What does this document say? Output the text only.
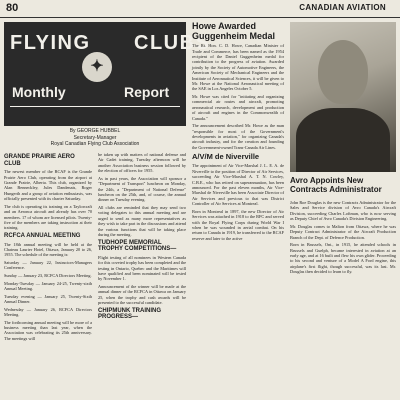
80	CANADIAN AVIATION
FLYING CLUBS
✦
Monthly	Report
By GEORGE HUBBEL
Secretary-Manager
Royal Canadian Flying Club Association
GRANDE PRAIRIE AERO CLUB

The newest member of the RCAF is the Grande Prairie Aero Club, operating from the airport at Grande Prairie, Alberta. This club, organized by Alan Benneckley, Jules Dandenais, Roger Hungerth and a group of aviation enthusiasts, was officially presented with its charter Saturday.

The club is operating its training on a Taylorcraft and an Aeronca aircraft and already has over 70 members. 17 of whom are licensed pilots. Twenty-five of the members are taking instruction at their training.

RCFCA ANNUAL MEETING

The 18th annual meeting will be held at the Chateau Laurier Hotel, Ottawa, January 20 to 26, 1955. The schedule of the meeting is:

Saturday — January 22, Instructors-Managers Conference.

Sunday — January 23, RCFCA Directors Meeting.

Monday-Tuesday — January 24-25, Twenty-sixth Annual Meeting.

Tuesday evening — January 25, Twenty-Sixth Annual Dinner.

Wednesday — January 26, RCFCA Directors Meeting.

The forthcoming annual meeting will be more of a business meeting than last year, when the Association was celebrating its 25th anniversary. The meetings will

be taken up with matters of national defense and Air Cadet training, Tuesday afternoon will be another Association business session followed by the election of officers for 1955.

As in past years, the Association will sponsor a "Department of Transport" luncheon on Monday, the 24th, a "Department of National Defense" luncheon on the 25th, and, of course, the annual dinner on Tuesday evening.

All clubs are reminded that they may send two voting delegates to this annual meeting and are urged to send as many more representatives as they wish to take part in the discussions and attend the various functions that will be taking place during the meeting.

TUDHOPE MEMORIAL TROPHY COMPETITIONS—

Flight testing of all nominees in Western Canada for this coveted trophy has been completed and the testing in Ontario, Quebec and the Maritimes will have qualified and been nominated will be tested by November 1.

Announcement of the winner will be made at the annual dinner of the RCFCA in Ottawa on January 25, when the trophy and cash awards will be presented to the successful candidate.

CHIPMUNK TRAINING PROGRESS—
Howe Awarded Guggenheim Medal

The Rt. Hon. C. D. Howe, Canadian Minister of Trade and Commerce, has been named as the 1954 recipient of the Daniel Guggenheim medal for contribution to the progress of aviation. Awarded jointly by the Society of Automotive Engineers, the American Society of Mechanical Engineers and the Institute of Aeronautical Sciences, it will be given to Mr. Howe at the National Aeronautical meeting of the SAE in Los Angeles October 5.

Mr. Howe was cited for "initiating and organizing commercial air routes and aircraft, promoting aeronautical research, development and production of aircraft and engines in the Commonwealth of Canada."

The announcement described Mr. Howe as the man "responsible for most of the Government's developments in aviation," for organizing Canada's aircraft industry, and for the creation and founding the Government-owned Trans-Canada Air Lines.

A/V/M de Niverville

The appointment of Air Vice-Marshal J. L. E. A. de Niverville to the position of Director of Air Services, succeeding Air Vice-Marshal A. T. N. Cowley, C.B.E., who has retired on superannuation, has been announced. For the past eleven months, Air Vice-Marshal de Niverville has been Associate Director of Air Services and previous to that was District Controller of Air Services at Montreal.

Born in Montreal in 1897, the new Director of Air Services was attached in 1918 to the RFC and served with the Royal Flying Corps during World War I when he was wounded in aerial combat. On his return to Canada in 1919, he transferred to the RCAF reserve and later to the active

Avro Appoints New Contracts Administrator

John Roe Douglas is the new Contracts Administrator for the Sales and Service division of Avro Canada's Aircraft Division, succeeding Charles Loftman, who is now serving as Deputy Chief of Avro Canada's Division Engineering.

Mr. Douglas comes to Malton from Ottawa, where he was Deputy Contract Administrator of the Aircraft Production Branch of the Dept. of Defence Production.

Born in Brussels, Ont., in 1915, he attended schools in Brussels and Guelph, became interested in aviation at an early age, and at 16 built and flew his own glider. Proceeding to his second and venture of a Model A Ford engine, this airplane's first flight, though successful, was its last. Mr. Douglas then decided to learn to fly.
